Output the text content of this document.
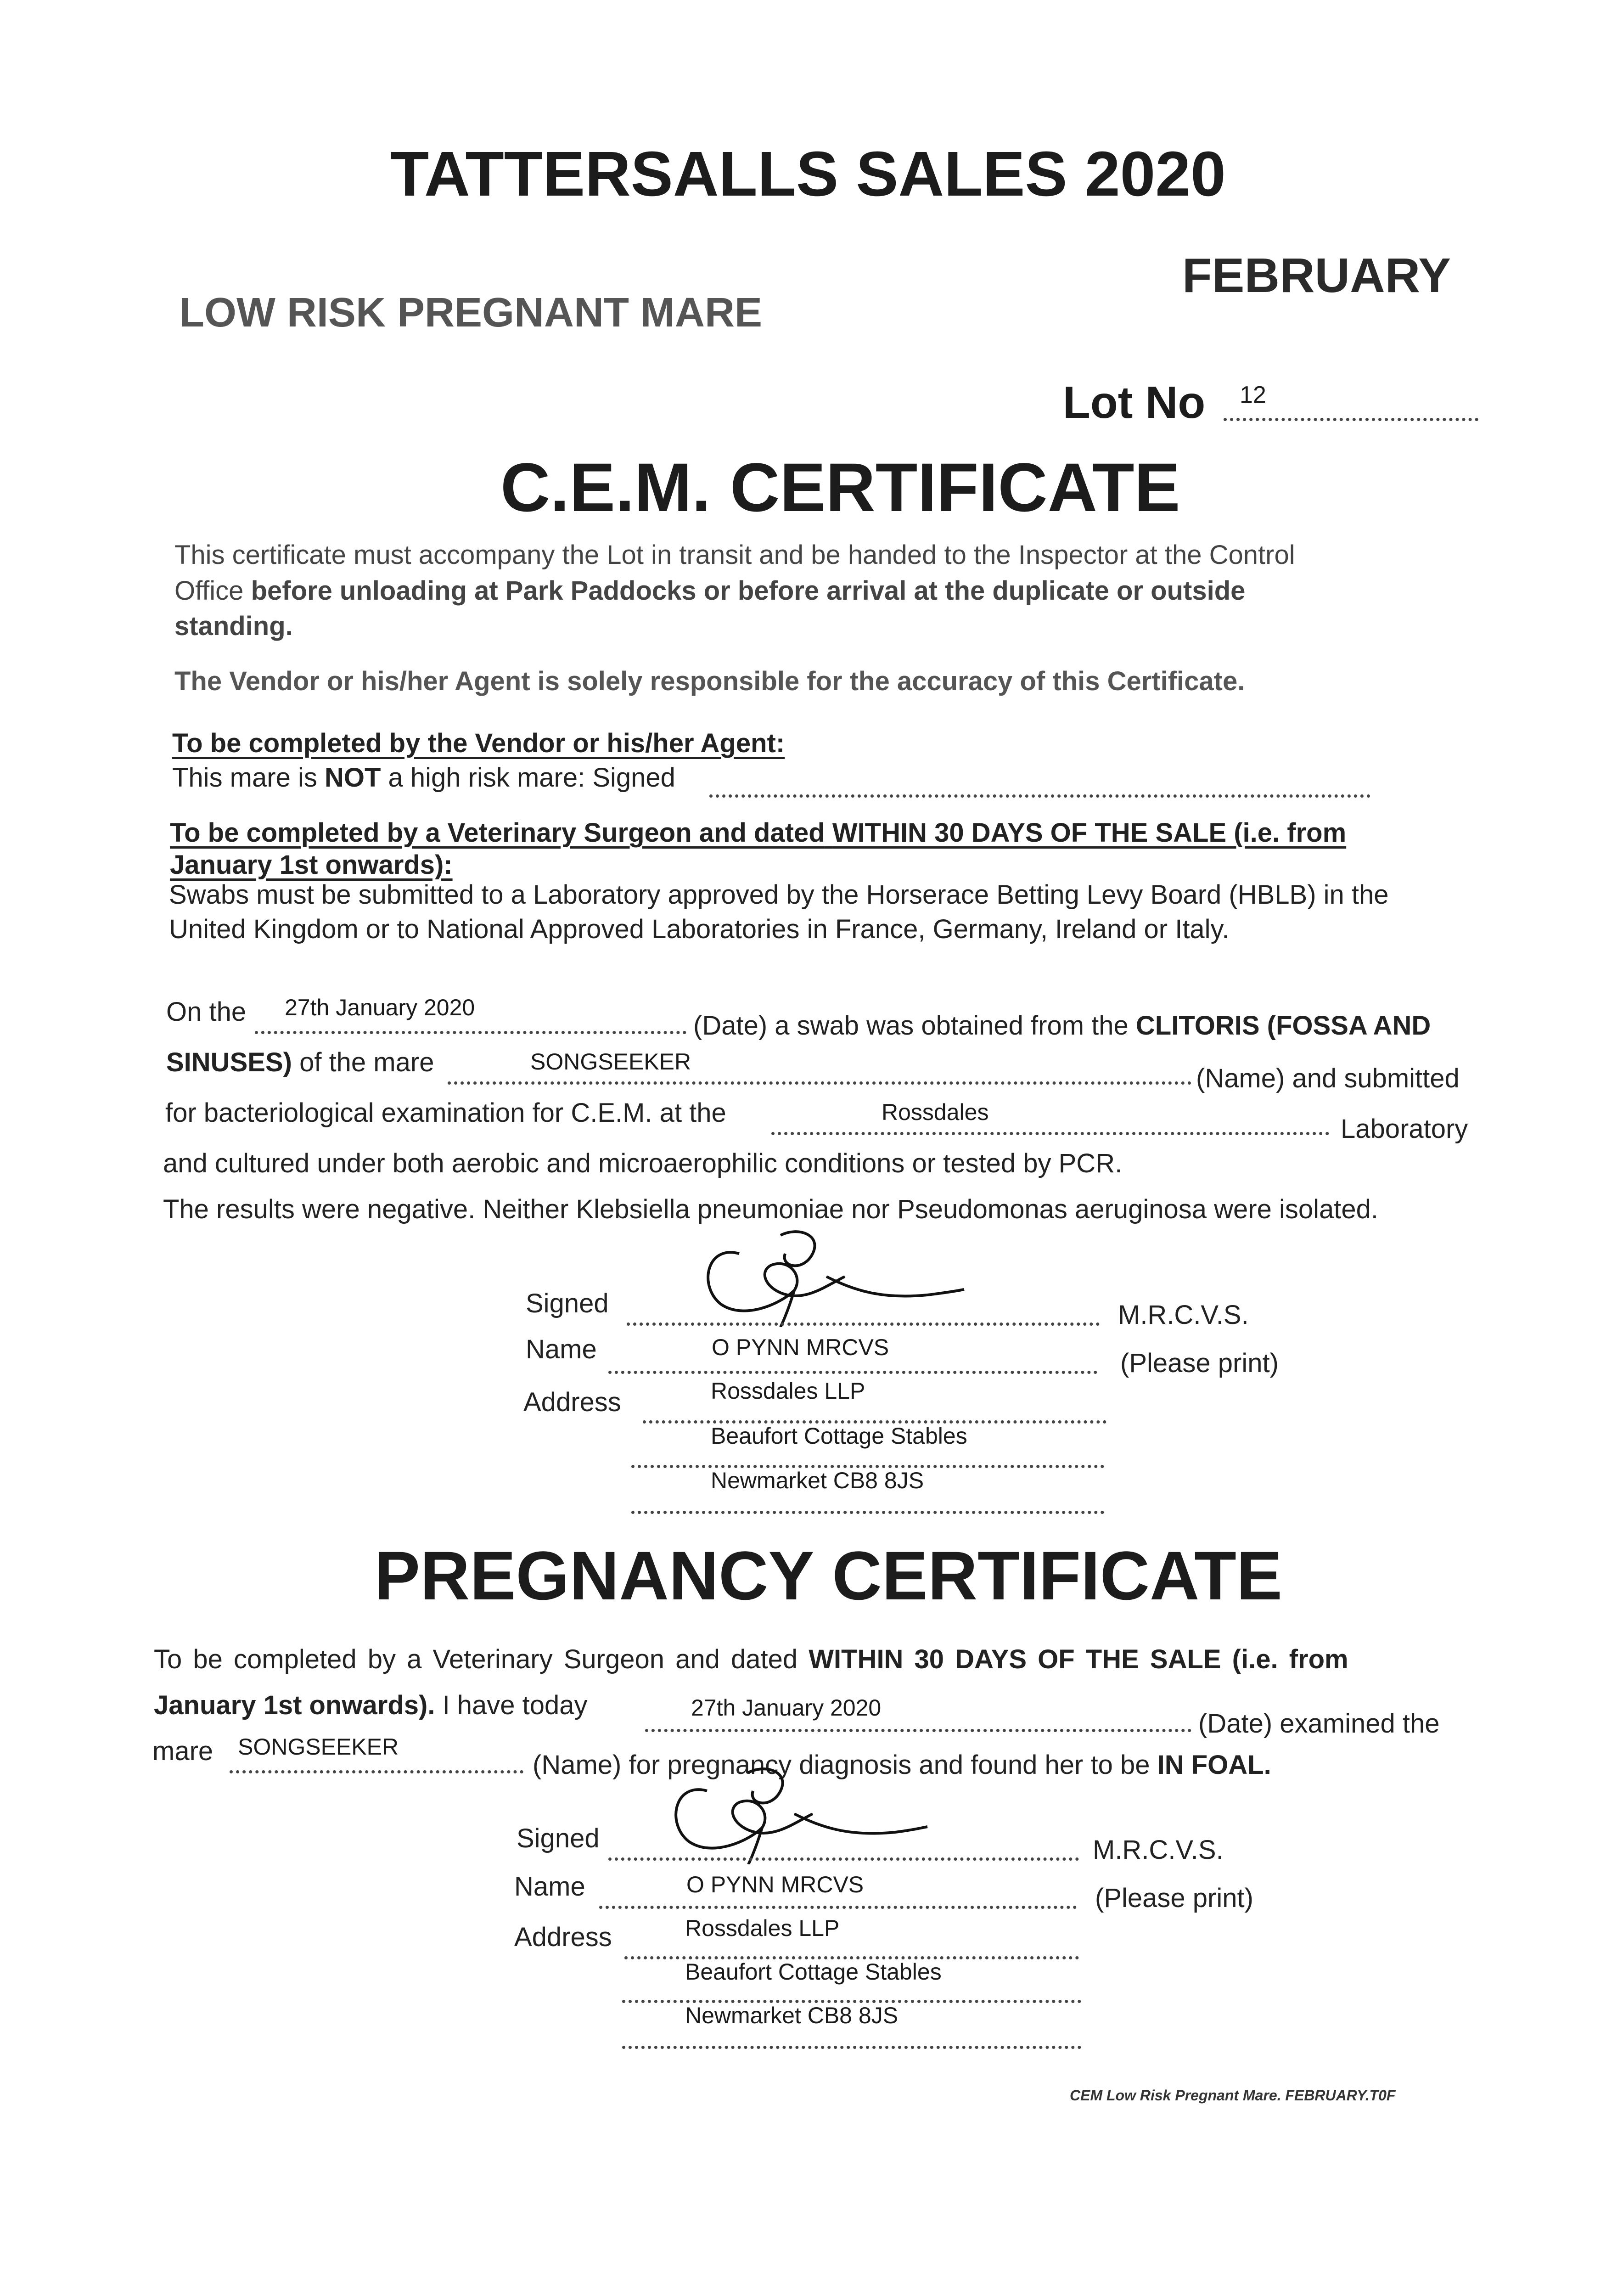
TATTERSALLS SALES 2020
FEBRUARY
LOW RISK PREGNANT MARE
Lot No 12
C.E.M. CERTIFICATE
This certificate must accompany the Lot in transit and be handed to the Inspector at the Control
Office before unloading at Park Paddocks or before arrival at the duplicate or outside
standing.
The Vendor or his/her Agent is solely responsible for the accuracy of this Certificate.
To be completed by the Vendor or his/her Agent:
This mare is NOT a high risk mare: Signed
To be completed by a Veterinary Surgeon and dated WITHIN 30 DAYS OF THE SALE (i.e. from
January 1st onwards):
Swabs must be submitted to a Laboratory approved by the Horserace Betting Levy Board (HBLB) in the
United Kingdom or to National Approved Laboratories in France, Germany, Ireland or Italy.
On the 27th January 2020
(Date) a swab was obtained from the CLITORIS (FOSSA AND
SINUSES) of the mare	SONGSEEKER
(Name) and submitted
for bacteriological examination for C.E.M. at the	Rossdales
Laboratory
and cultured under both aerobic and microaerophilic conditions or tested by PCR.
The results were negative. Neither Klebsiella pneumoniae nor Pseudomonas aeruginosa were isolated.
Signed	M.R.C.V.S.
Name	O PYNN MRCVS
(Please print)
Address	Rossdales LLP
Beaufort Cottage Stables
Newmarket CB8 8JS
PREGNANCY CERTIFICATE
To be completed by a Veterinary Surgeon and dated WITHIN 30 DAYS OF THE SALE (i.e. from
January 1st onwards). I have today	27th January 2020
(Date) examined the
mare SONGSEEKER
(Name) for pregnancy diagnosis and found her to be IN FOAL.
Signed	M.R.C.V.S.
Name	O PYNN MRCVS	(Please print)
Address	Rossdales LLP
Beaufort Cottage Stables
Newmarket CB8 8JS
CEM Low Risk Pregnant Mare. FEBRUARY.T0F
